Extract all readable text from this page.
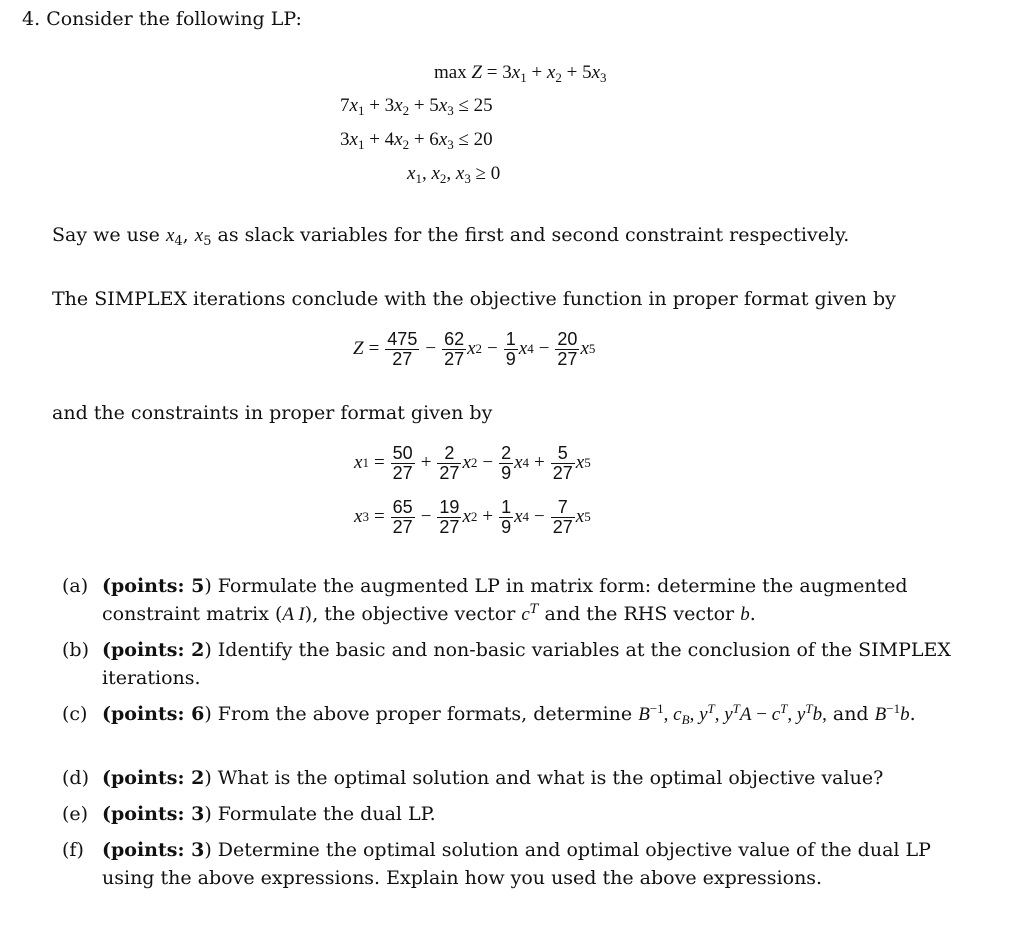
4. Consider the following LP:
$\max Z = 3x_1 + x_2 + 5x_3$
$7x_1 + 3x_2 + 5x_3 \le 25$
$3x_1 + 4x_2 + 6x_3 \le 20$
$x_1$, $x_2$, $x_3 \ge 0$
Say we use $x_4$, $x_5$ as slack variables for the first and second constraint respectively.
The SIMPLEX iterations conclude with the objective function in proper format given by
$Z = \frac{475}{27} - \frac{62}{27}$ x $2 - \frac{1}{9}$ x $4 - \frac{20}{27}$ x 5
and the constraints in proper format given by
x $1 = \frac{50}{27} + \frac{2}{27}$ x $2 - \frac{2}{9}$ x $4 + \frac{5}{27}$ x 5
x $3 = \frac{65}{27} - \frac{19}{27}$ x $2 + \frac{1}{9}$ x $4 - \frac{7}{27}$ x 5
(a) (points: 5) Formulate the augmented LP in matrix form: determine the augmented constraint matrix (A I), the objective vector $c^T$ and the RHS vector b.
(b) (points: 2) Identify the basic and non-basic variables at the conclusion of the SIMPLEX iterations.
(c) (points: 6) From the above proper formats, determine $B^{-1}$, $c_B$, $y^T$, $y^TA - c^T$, $y^Tb$, and $B^{-1}b$.
(d) (points: 2) What is the optimal solution and what is the optimal objective value?
(e) (points: 3) Formulate the dual LP.
(f) (points: 3) Determine the optimal solution and optimal objective value of the dual LP using the above expressions. Explain how you used the above expressions.
